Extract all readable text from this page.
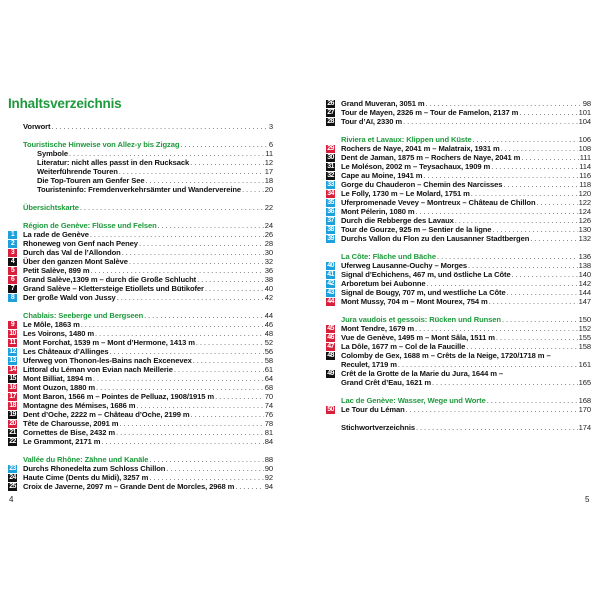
Inhaltsverzeichnis
Vorwort . . .	3
Touristische Hinweise von Allez-y bis Zigzag . . .	6
Symbole . . .	11
Literatur: nicht alles passt in den Rucksack . . .	12
Weiterführende Touren . . .	17
Die Top-Touren am Genfer See . . .	18
Touristeninfo: Fremdenverkehrsämter und Wandervereine . . .	20
Übersichtskarte . . .	22
Région de Genève: Flüsse und Felsen . . .	24
1	La rade de Genève . . .	26
2	Rhoneweg von Genf nach Peney . . .	28
3	Durch das Val de l’Allondon . . .	30
4	Über den ganzen Mont Salève . . .	32
5	Petit Salève, 899 m . . .	36
6	Grand Salève,1309 m – durch die Große Schlucht . . .	38
7	Grand Salève – Klettersteige Etiollets und Bütikofer . . .	40
8	Der große Wald von Jussy . . .	42
Chablais: Seeberge und Bergseen . . .	44
9	Le Môle, 1863 m . . .	46
10 Les Voirons, 1480 m . . .	48
11 Mont Forchat, 1539 m – Mont d’Hermone, 1413 m . . .	52
12 Les Châteaux d’Allinges . . .	56
13 Uferweg von Thonon-les-Bains nach Excenevex . . .	58
14 Littoral du Léman von Evian nach Meillerie . . .	61
15 Mont Billiat, 1894 m . . .	64
16 Mont Ouzon, 1880 m . . .	68
17 Mont Baron, 1566 m – Pointes de Pelluaz, 1908/1915 m . . .	70
18 Montagne des Mémises, 1686 m . . .	74
19 Dent d’Oche, 2222 m – Château d’Oche, 2199 m . . .	76
20 Tête de Charousse, 2091 m . . .	78
21 Cornettes de Bise, 2432 m . . .	81
22 Le Grammont, 2171 m . . .	84
Vallée du Rhône: Zähne und Kanäle . . .	88
23 Durchs Rhonedelta zum Schloss Chillon . . .	90
24 Haute Cime (Dents du Midi), 3257 m . . .	92
25 Croix de Javerne, 2097 m – Grande Dent de Morcles, 2968 m . . .	94
26 Grand Muveran, 3051 m . . .	98
27 Tour de Mayen, 2326 m – Tour de Famelon, 2137 m . . .	101
28 Tour d’Aï, 2330 m . . .	104
Riviera et Lavaux: Klippen und Küste . . .	106
29 Rochers de Naye, 2041 m – Malatraix, 1931 m . . .	108
30 Dent de Jaman, 1875 m – Rochers de Naye, 2041 m . . .	111
31 Le Moléson, 2002 m – Teysachaux, 1909 m . . .	114
32 Cape au Moine, 1941 m . . .	116
33 Gorge du Chauderon – Chemin des Narcisses . . .	118
34 Le Folly, 1730 m – Le Molard, 1751 m . . .	120
35 Uferpromenade Vevey – Montreux – Château de Chillon . . .	122
36 Mont Pélerin, 1080 m . . .	124
37 Durch die Rebberge des Lavaux . . .	126
38 Tour de Gourze, 925 m – Sentier de la ligne . . .	130
39 Durchs Vallon du Flon zu den Lausanner Stadtbergen . . .	132
La Côte: Fläche und Bäche . . .	136
40 Uferweg Lausanne-Ouchy – Morges . . .	138
41 Signal d’Echichens, 467 m, und östliche La Côte . . .	140
42 Arboretum bei Aubonne . . .	142
43 Signal de Bougy, 707 m, und westliche La Côte . . .	144
44 Mont Mussy, 704 m – Mont Mourex, 754 m . . .	147
Jura vaudois et gessois: Rücken und Runsen . . .	150
45 Mont Tendre, 1679 m . . .	152
46 Vue de Genève, 1495 m – Mont Sâla, 1511 m . . .	155
47 La Dôle, 1677 m – Col de la Faucille . . .	158
48 Colomby de Gex, 1688 m – Crêts de la Neige, 1720/1718 m –
Reculet, 1719 m . . .	161
49 Crêt de la Grotte de la Marie du Jura, 1644 m –
Grand Crêt d’Eau, 1621 m . . .	165
Lac de Genève: Wasser, Wege und Worte . . .	168
50 Le Tour du Léman . . .	170
Stichwortverzeichnis . . .	174
4	5
